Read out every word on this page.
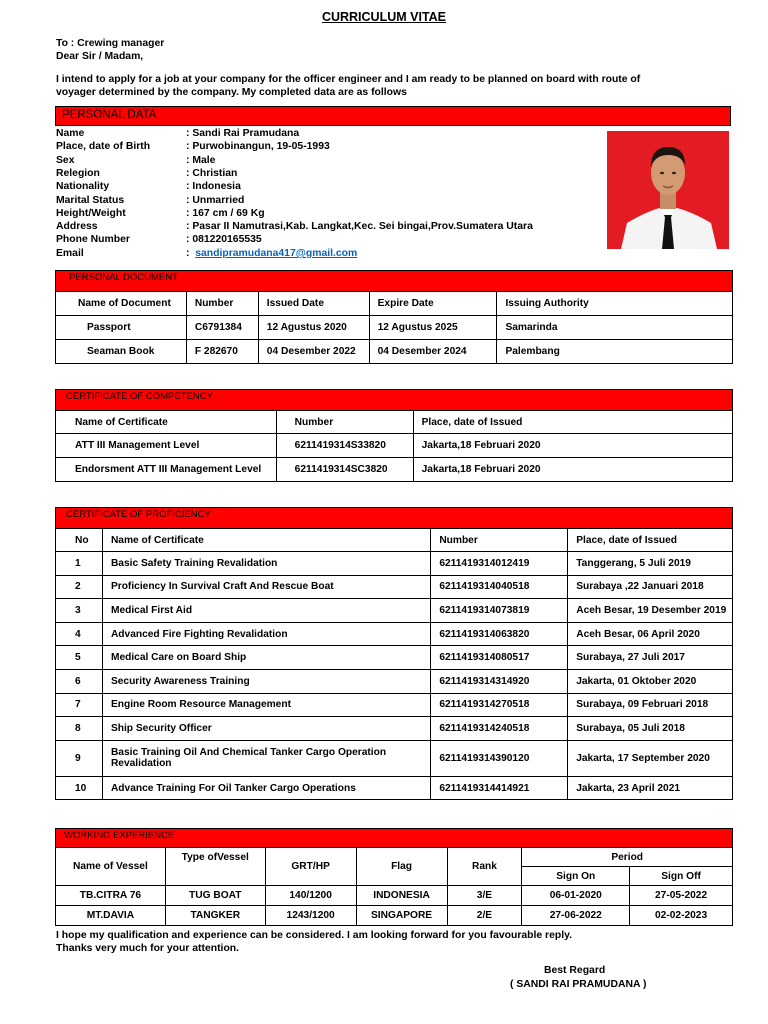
CURRICULUM VITAE
To : Crewing manager
Dear Sir / Madam,
I intend to apply for a job at your company for the officer engineer and I am ready to be planned on board with route of
voyager determined by the company. My completed data are as follows
PERSONAL DATA
Name	: Sandi Rai Pramudana
Place, date of Birth	: Purwobinangun, 19-05-1993
Sex	: Male
Relegion	: Christian
Nationality	: Indonesia
Marital Status	: Unmarried
Height/Weight	: 167 cm / 69 Kg
Address	: Pasar II Namutrasi,Kab. Langkat,Kec. Sei bingai,Prov.Sumatera Utara
Phone Number	: 081220165535
Email	: sandipramudana417@gmail.com
PERSONAL DOCUMENT
Name of Document	Number	Issued Date	Expire Date	Issuing Authority
Passport	C6791384	12 Agustus 2020	12 Agustus 2025	Samarinda
Seaman Book	F 282670	04 Desember 2022	04 Desember 2024	Palembang
CERTIFICATE OF COMPETENCY
Name of Certificate	Number	Place, date of Issued
ATT III Management Level	6211419314S33820	Jakarta,18 Februari 2020
Endorsment ATT III Management Level	6211419314SC3820	Jakarta,18 Februari 2020
CERTIFICATE OF PROFICIENCY
No	Name of Certificate	Number	Place, date of Issued
1	Basic Safety Training Revalidation	6211419314012419	Tanggerang, 5 Juli 2019
2	Proficiency In Survival Craft And Rescue Boat	6211419314040518	Surabaya ,22 Januari 2018
3	Medical First Aid	6211419314073819	Aceh Besar, 19 Desember 2019
4	Advanced Fire Fighting Revalidation	6211419314063820	Aceh Besar, 06 April 2020
5	Medical Care on Board Ship	6211419314080517	Surabaya, 27 Juli 2017
6	Security Awareness Training	6211419314314920	Jakarta, 01 Oktober 2020
7	Engine Room Resource Management	6211419314270518	Surabaya, 09 Februari 2018
8	Ship Security Officer	6211419314240518	Surabaya, 05 Juli 2018
9	Basic Training Oil And Chemical Tanker Cargo Operation Revalidation	6211419314390120	Jakarta, 17 September 2020
10	Advance Training For Oil Tanker Cargo Operations	6211419314414921	Jakarta, 23 April 2021
WORKING EXPERIENCE
Name of Vessel	Type ofVessel	GRT/HP	Flag	Rank	Period	
					Sign On	Sign Off
TB.CITRA 76	TUG BOAT	140/1200	INDONESIA	3/E	06-01-2020	27-05-2022
MT.DAVIA	TANGKER	1243/1200	SINGAPORE	2/E	27-06-2022	02-02-2023
I hope my qualification and experience can be considered. I am looking forward for you favourable reply.
Thanks very much for your attention.
Best Regard
( SANDI RAI PRAMUDANA )
